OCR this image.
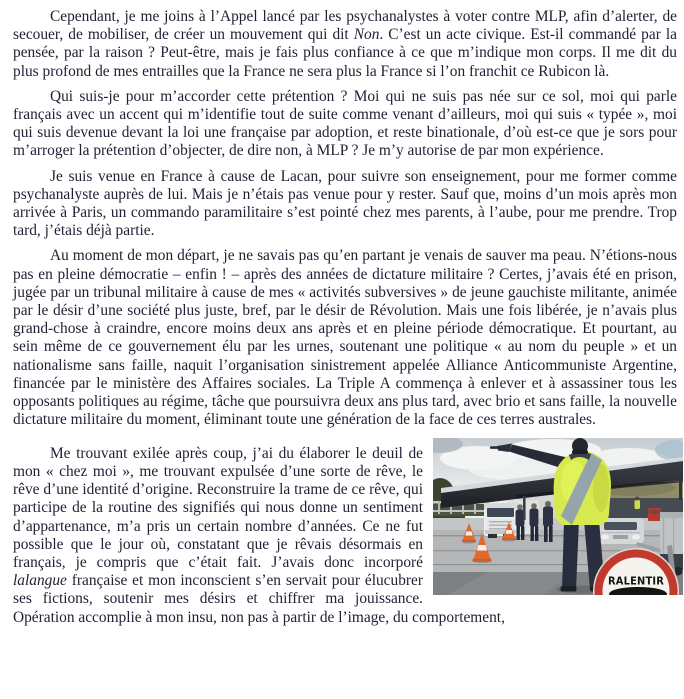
Cependant, je me joins à l’Appel lancé par les psychanalystes à voter contre MLP, afin d’alerter, de secouer, de mobiliser, de créer un mouvement qui dit Non. C’est un acte civique. Est-il commandé par la pensée, par la raison ? Peut-être, mais je fais plus confiance à ce que m’indique mon corps. Il me dit du plus profond de mes entrailles que la France ne sera plus la France si l’on franchit ce Rubicon là.

Qui suis-je pour m’accorder cette prétention ? Moi qui ne suis pas née sur ce sol, moi qui parle français avec un accent qui m’identifie tout de suite comme venant d’ailleurs, moi qui suis « typée », moi qui suis devenue devant la loi une française par adoption, et reste binationale, d’où est-ce que je sors pour m’arroger la prétention d’objecter, de dire non, à MLP ? Je m’y autorise de par mon expérience.

Je suis venue en France à cause de Lacan, pour suivre son enseignement, pour me former comme psychanalyste auprès de lui. Mais je n’étais pas venue pour y rester. Sauf que, moins d’un mois après mon arrivée à Paris, un commando paramilitaire s’est pointé chez mes parents, à l’aube, pour me prendre. Trop tard, j’étais déjà partie.

Au moment de mon départ, je ne savais pas qu’en partant je venais de sauver ma peau. N’étions-nous pas en pleine démocratie – enfin ! – après des années de dictature militaire ? Certes, j’avais été en prison, jugée par un tribunal militaire à cause de mes « activités subversives » de jeune gauchiste militante, animée par le désir d’une société plus juste, bref, par le désir de Révolution. Mais une fois libérée, je n’avais plus grand-chose à craindre, encore moins deux ans après et en pleine période démocratique. Et pourtant, au sein même de ce gouvernement élu par les urnes, soutenant une politique « au nom du peuple » et un nationalisme sans faille, naquit l’organisation sinistrement appelée Alliance Anticommuniste Argentine, financée par le ministère des Affaires sociales. La Triple A commença à enlever et à assassiner tous les opposants politiques au régime, tâche que poursuivra deux ans plus tard, avec brio et sans faille, la nouvelle dictature militaire du moment, éliminant toute une génération de la face de ces terres australes.

RALENTIR

Me trouvant exilée après coup, j’ai du élaborer le deuil de mon « chez moi », me trouvant expulsée d’une sorte de rêve, le rêve d’une identité d’origine. Reconstruire la trame de ce rêve, qui participe de la routine des signifiés qui nous donne un sentiment d’appartenance, m’a pris un certain nombre d’années. Ce ne fut possible que le jour où, constatant que je rêvais désormais en français, je compris que c’était fait. J’avais donc incorporé lalangue française et mon inconscient s’en servait pour élucubrer ses fictions, soutenir mes désirs et chiffrer ma jouissance. Opération accomplie à mon insu, non pas à partir de l’image, du comportement,
